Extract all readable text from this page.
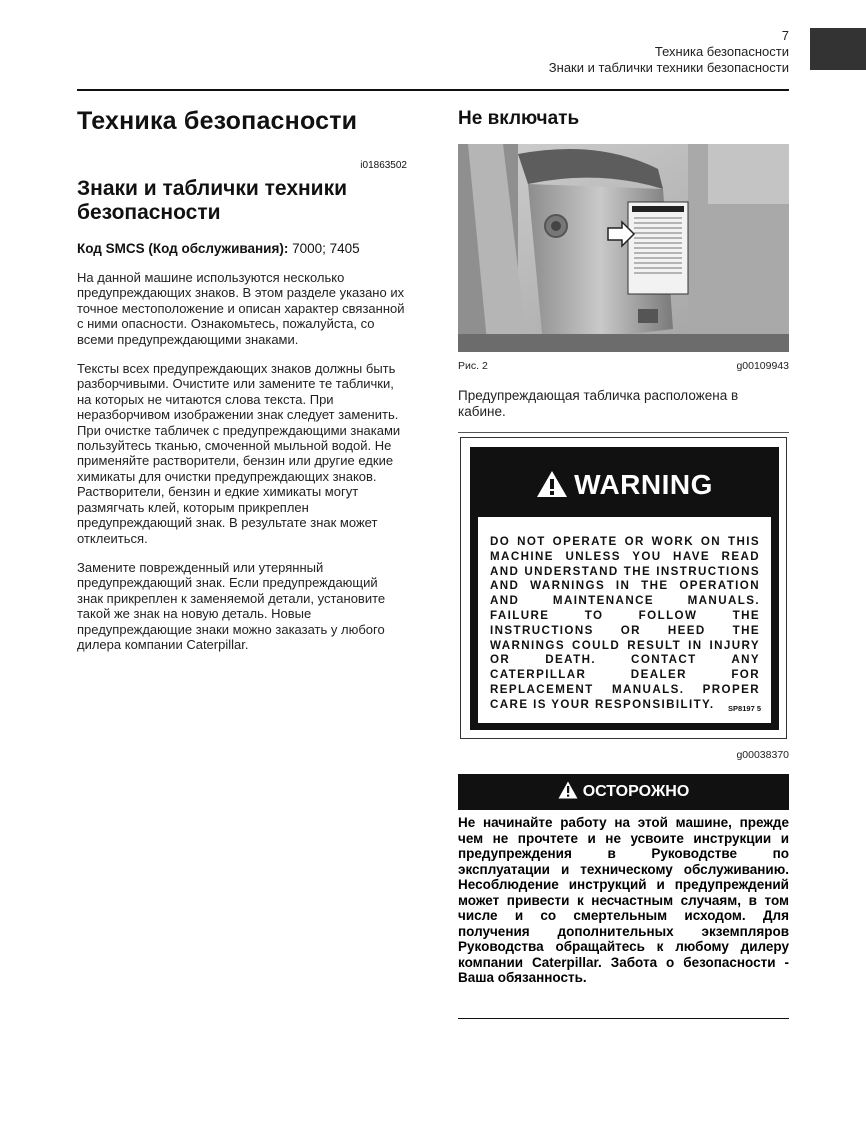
7
Техника безопасности
Знаки и таблички техники безопасности
Техника безопасности
i01863502
Знаки и таблички техники безопасности
Код SMCS (Код обслуживания): 7000; 7405
На данной машине используются несколько предупреждающих знаков. В этом разделе указано их точное местоположение и описан характер связанной с ними опасности. Ознакомьтесь, пожалуйста, со всеми предупреждающими знаками.
Тексты всех предупреждающих знаков должны быть разборчивыми. Очистите или замените те таблички, на которых не читаются слова текста. При неразборчивом изображении знак следует заменить. При очистке табличек с предупреждающими знаками пользуйтесь тканью, смоченной мыльной водой. Не применяйте растворители, бензин или другие едкие химикаты для очистки предупреждающих знаков. Растворители, бензин и едкие химикаты могут размягчать клей, которым прикреплен предупреждающий знак. В результате знак может отклеиться.
Замените поврежденный или утерянный предупреждающий знак. Если предупреждающий знак прикреплен к заменяемой детали, установите такой же знак на новую деталь. Новые предупреждающие знаки можно заказать у любого дилера компании Caterpillar.
Не включать
Рис. 2	g00109943
Предупреждающая табличка расположена в кабине.
WARNING
DO NOT OPERATE OR WORK ON THIS MACHINE UNLESS YOU HAVE READ AND UNDERSTAND THE INSTRUCTIONS AND WARNINGS IN THE OPERATION AND MAINTENANCE MANUALS. FAILURE TO FOLLOW THE INSTRUCTIONS OR HEED THE WARNINGS COULD RESULT IN INJURY OR DEATH. CONTACT ANY CATERPILLAR DEALER FOR REPLACEMENT MANUALS. PROPER CARE IS YOUR RESPONSIBILITY.	SP8197 5
g00038370
ОСТОРОЖНО
Не начинайте работу на этой машине, прежде чем не прочтете и не усвоите инструкции и предупреждения в Руководстве по эксплуатации и техническому обслуживанию. Несоблюдение инструкций и предупреждений может привести к несчастным случаям, в том числе и со смертельным исходом. Для получения дополнительных экземпляров Руководства обращайтесь к любому дилеру компании Caterpillar. Забота о безопасности - Ваша обязанность.
